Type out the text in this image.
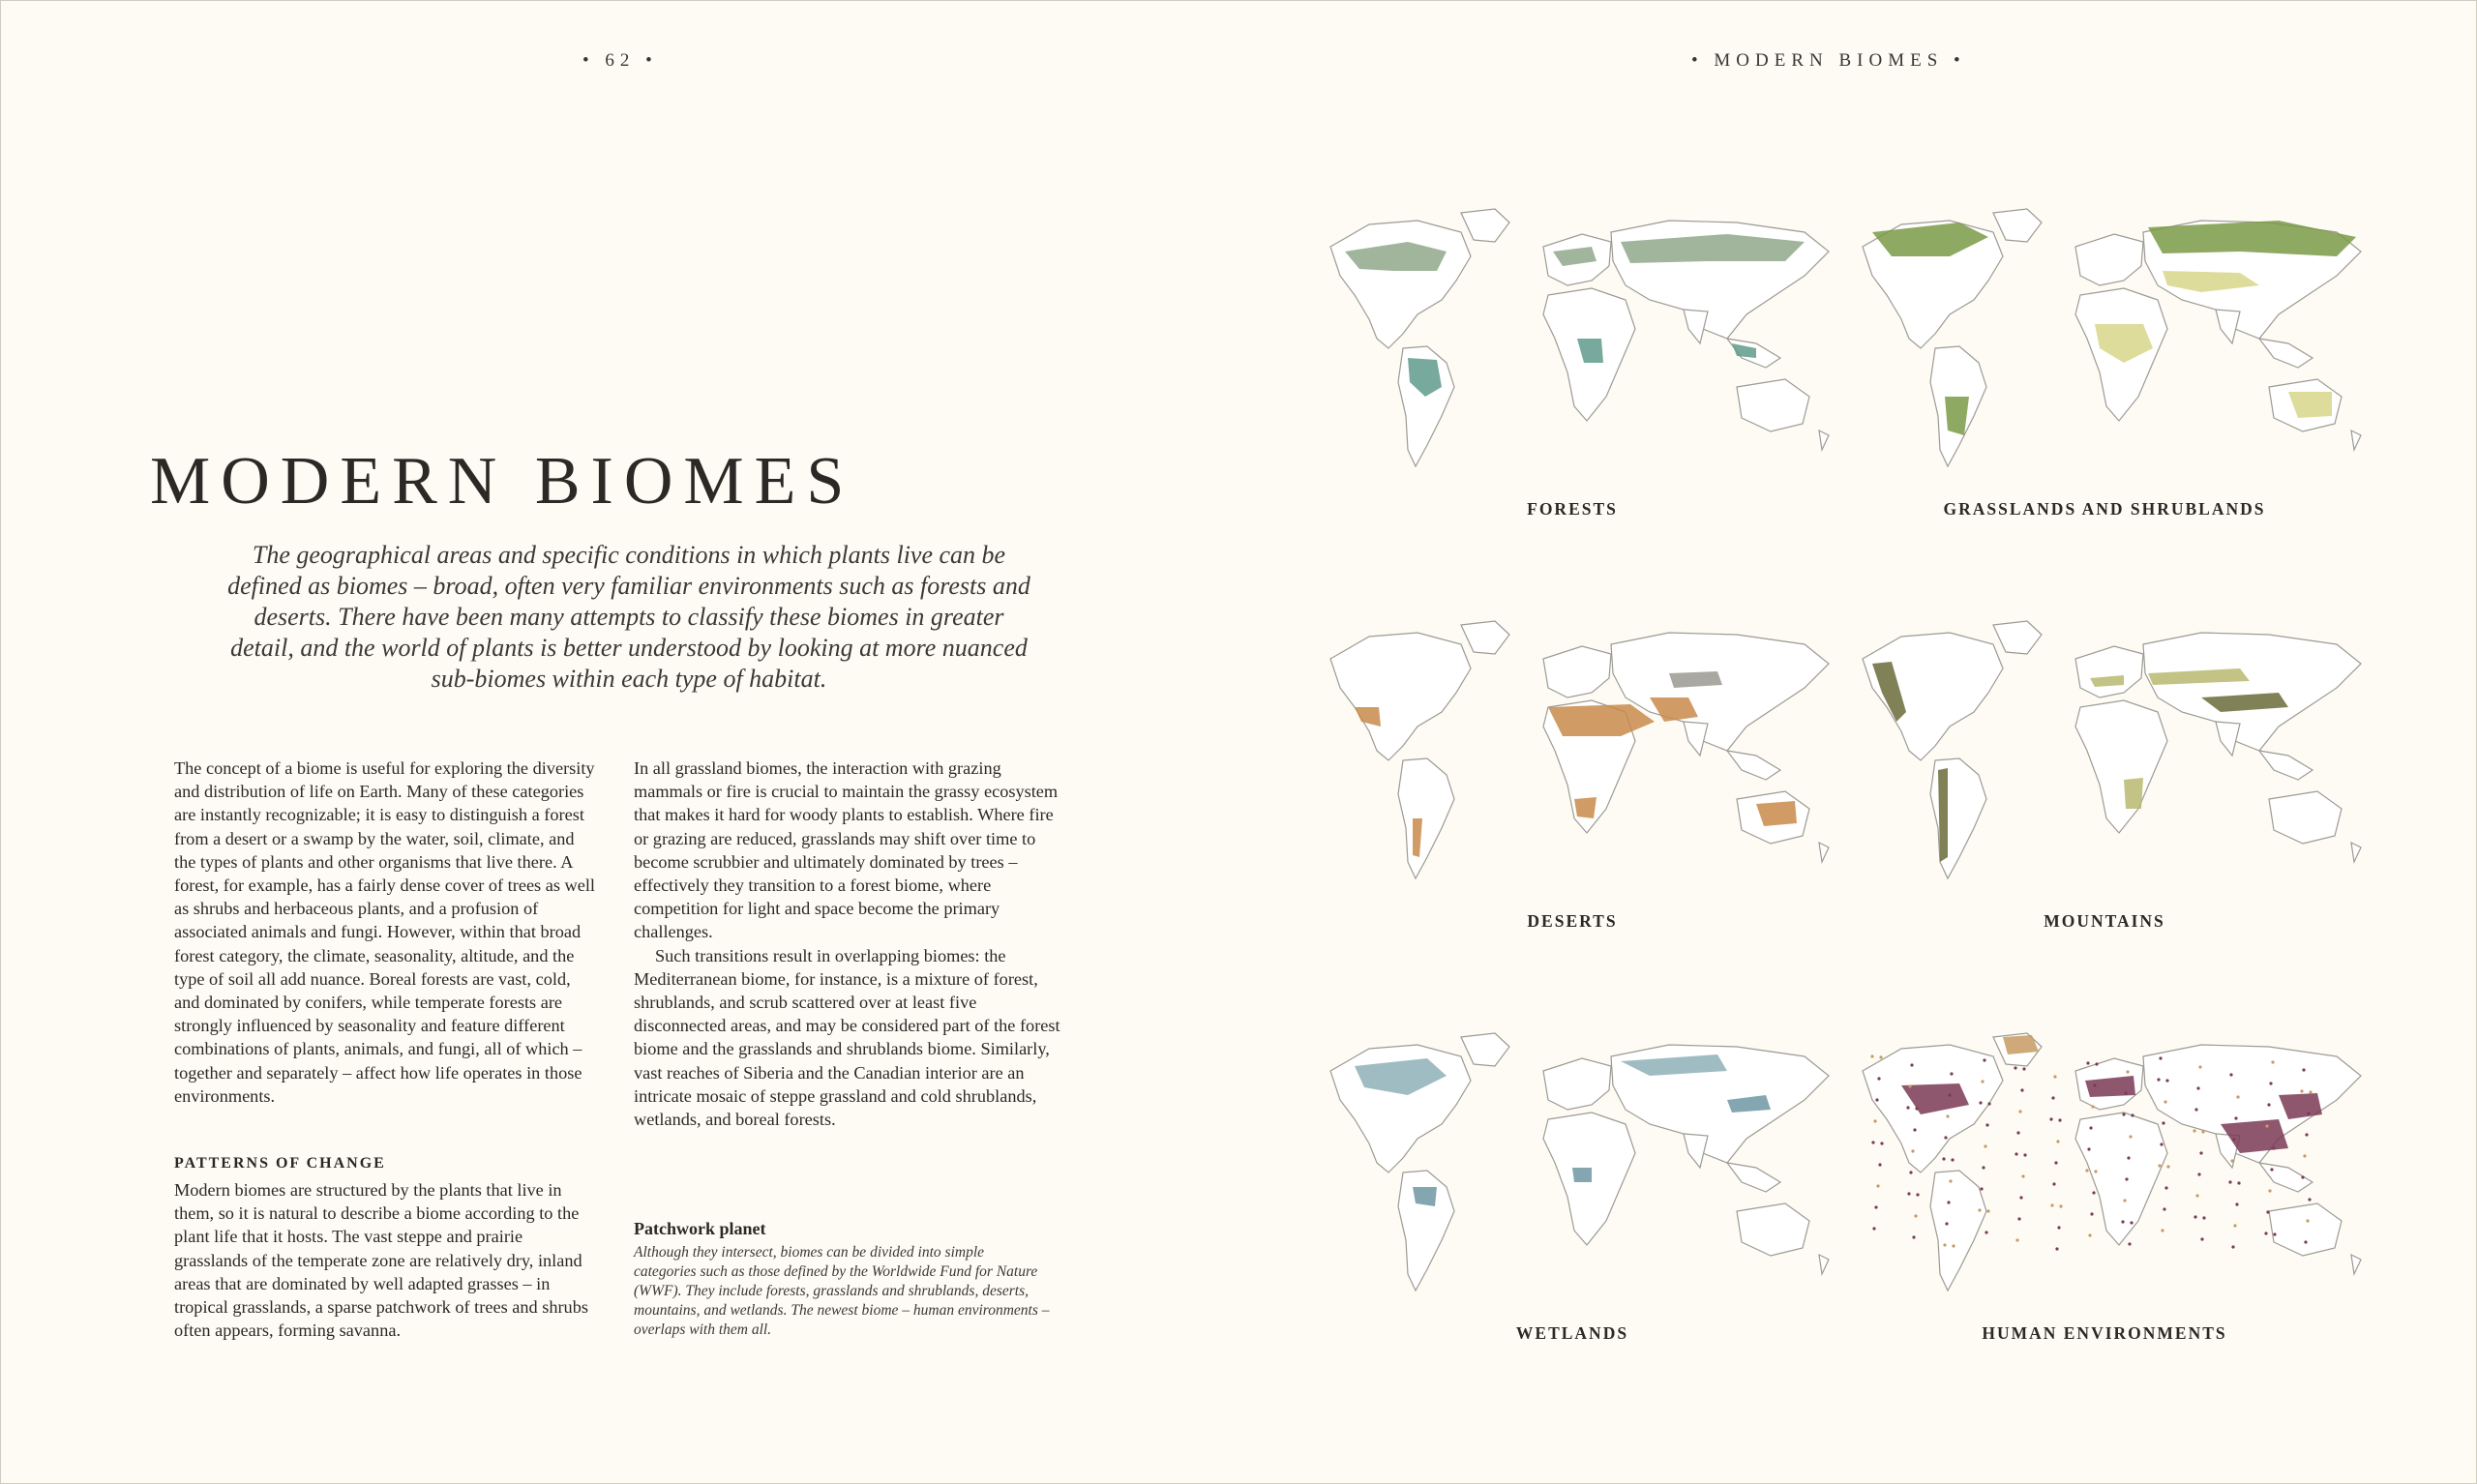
• 62 •	• MODERN BIOMES •
MODERN BIOMES

The geographical areas and specific conditions in which plants live can be defined as biomes – broad, often very familiar environments such as forests and deserts. There have been many attempts to classify these biomes in greater detail, and the world of plants is better understood by looking at more nuanced sub-biomes within each type of habitat.

The concept of a biome is useful for exploring the diversity and distribution of life on Earth. Many of these categories are instantly recognizable; it is easy to distinguish a forest from a desert or a swamp by the water, soil, climate, and the types of plants and other organisms that live there. A forest, for example, has a fairly dense cover of trees as well as shrubs and herbaceous plants, and a profusion of associated animals and fungi. However, within that broad forest category, the climate, seasonality, altitude, and the type of soil all add nuance. Boreal forests are vast, cold, and dominated by conifers, while temperate forests are strongly influenced by seasonality and feature different combinations of plants, animals, and fungi, all of which – together and separately – affect how life operates in those environments.

PATTERNS OF CHANGE

Modern biomes are structured by the plants that live in them, so it is natural to describe a biome according to the plant life that it hosts. The vast steppe and prairie grasslands of the temperate zone are relatively dry, inland areas that are dominated by well adapted grasses – in tropical grasslands, a sparse patchwork of trees and shrubs often appears, forming savanna.

In all grassland biomes, the interaction with grazing mammals or fire is crucial to maintain the grassy ecosystem that makes it hard for woody plants to establish. Where fire or grazing are reduced, grasslands may shift over time to become scrubbier and ultimately dominated by trees – effectively they transition to a forest biome, where competition for light and space become the primary challenges.

Such transitions result in overlapping biomes: the Mediterranean biome, for instance, is a mixture of forest, shrublands, and scrub scattered over at least five disconnected areas, and may be considered part of the forest biome and the grasslands and shrublands biome. Similarly, vast reaches of Siberia and the Canadian interior are an intricate mosaic of steppe grassland and cold shrublands, wetlands, and boreal forests.

Patchwork planet
Although they intersect, biomes can be divided into simple categories such as those defined by the Worldwide Fund for Nature (WWF). They include forests, grasslands and shrublands, deserts, mountains, and wetlands. The newest biome – human environments – overlaps with them all.
FORESTS	GRASSLANDS AND SHRUBLANDS
DESERTS	MOUNTAINS
WETLANDS	HUMAN ENVIRONMENTS
